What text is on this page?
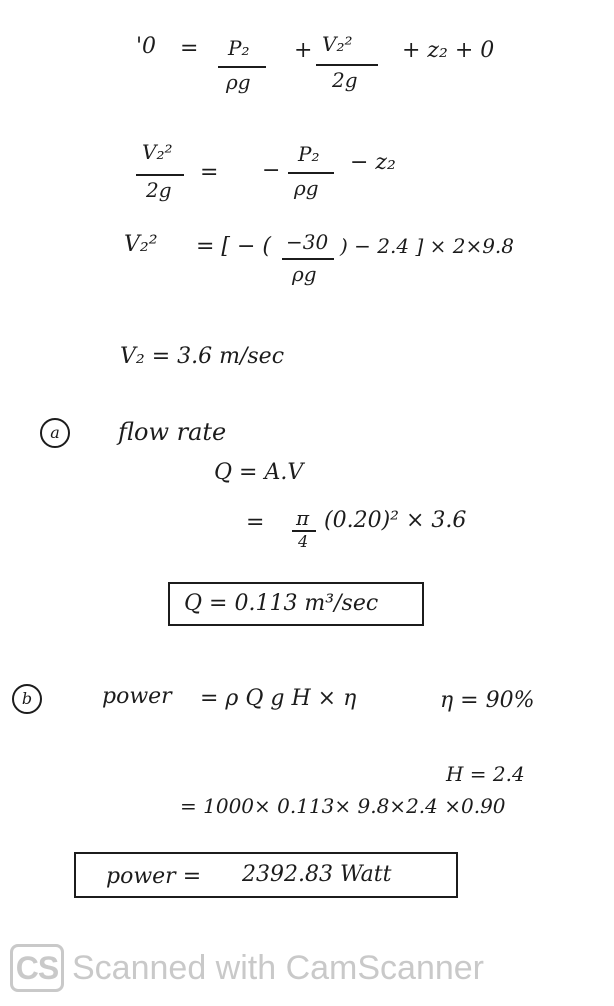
'0 = P₂
ρg
+ V₂²
2g
+ z₂ + 0
V₂²
2g
= −
P₂
ρg
− z₂
V₂² = [ − ( −30
ρg
) − 2.4 ] × 2×9.8
V₂ = 3.6 m/sec
a	flow rate
Q = A.V
= π
4
(0.20)² × 3.6
Q = 0.113 m³/sec
b	power = ρ Q g H × η	η = 90%
H = 2.4
= 1000× 0.113× 9.8×2.4 ×0.90
power = 2392.83 Watt
CS Scanned with CamScanner
